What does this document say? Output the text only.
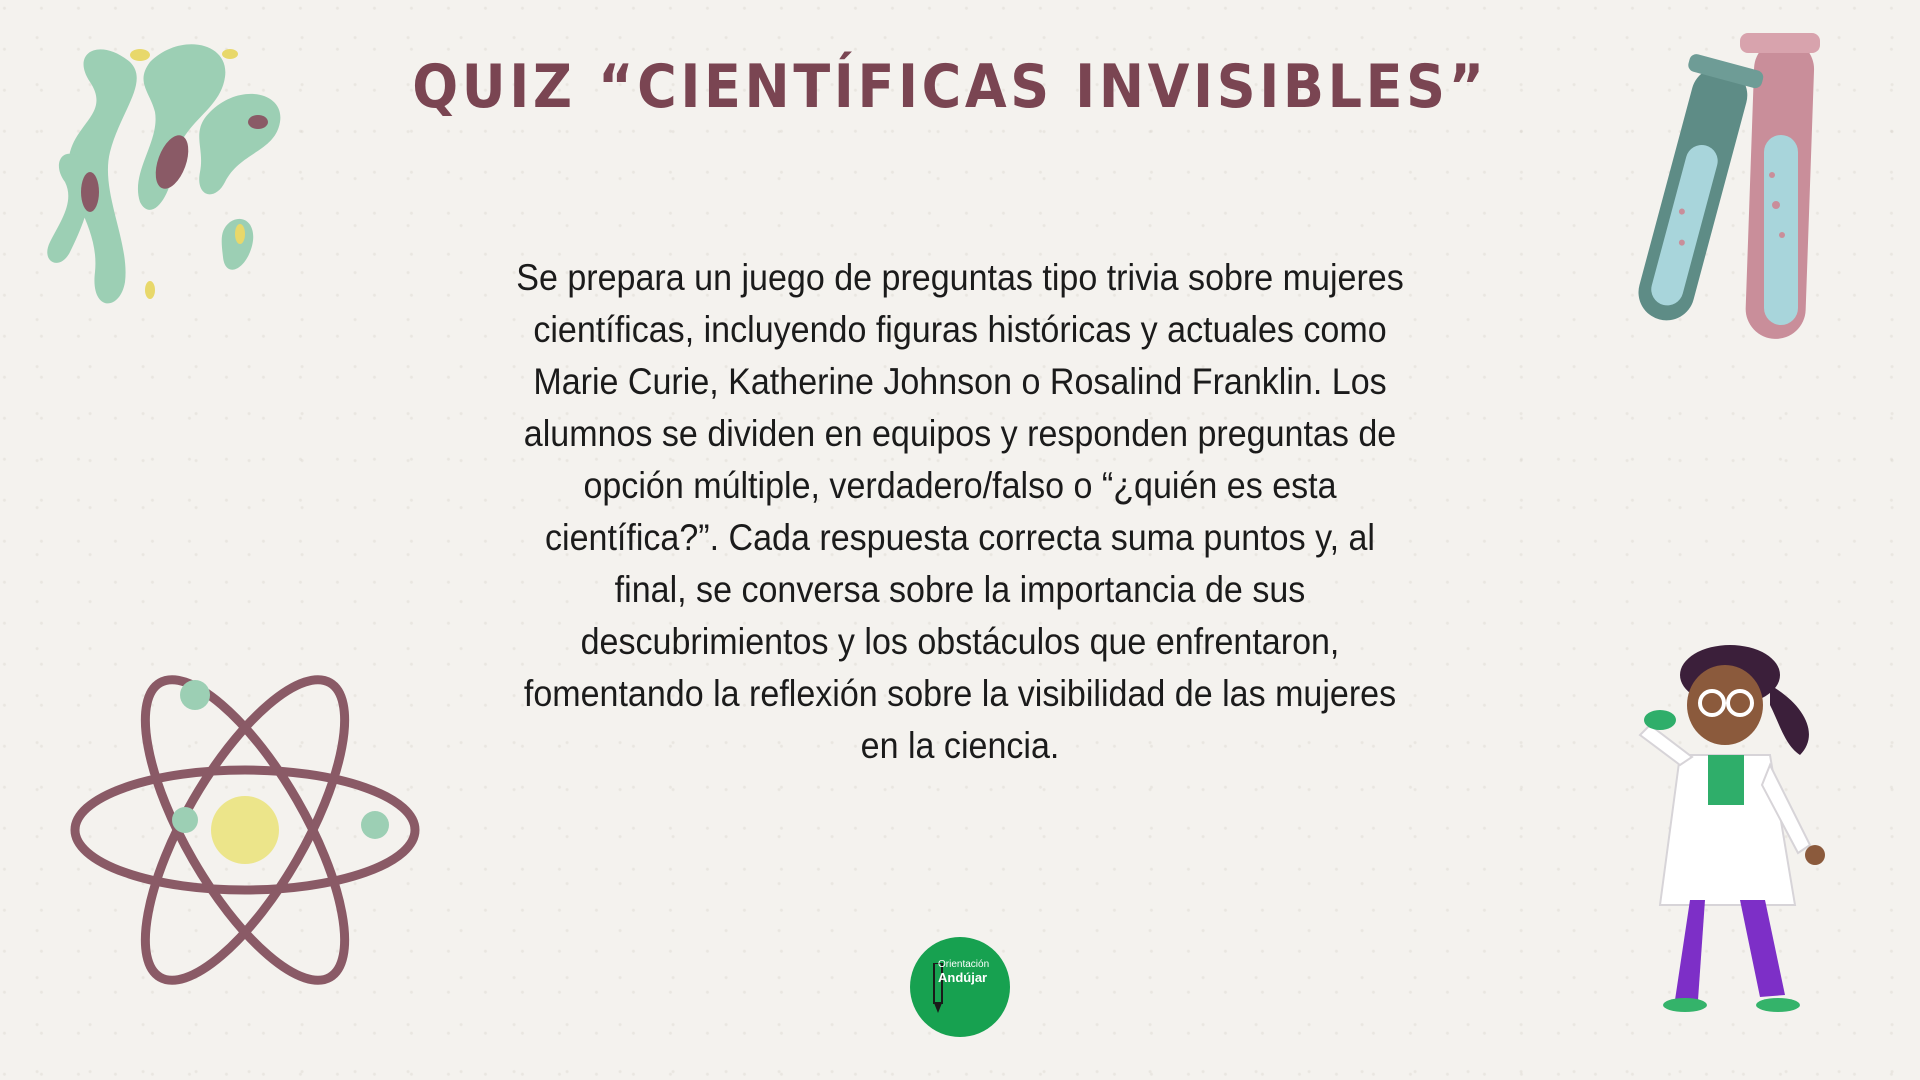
QUIZ “CIENTÍFICAS INVISIBLES”
Se prepara un juego de preguntas tipo trivia sobre mujeres científicas, incluyendo figuras históricas y actuales como Marie Curie, Katherine Johnson o Rosalind Franklin. Los alumnos se dividen en equipos y responden preguntas de opción múltiple, verdadero/falso o “¿quién es esta científica?”. Cada respuesta correcta suma puntos y, al final, se conversa sobre la importancia de sus descubrimientos y los obstáculos que enfrentaron, fomentando la reflexión sobre la visibilidad de las mujeres en la ciencia.
Orientación
Andújar
